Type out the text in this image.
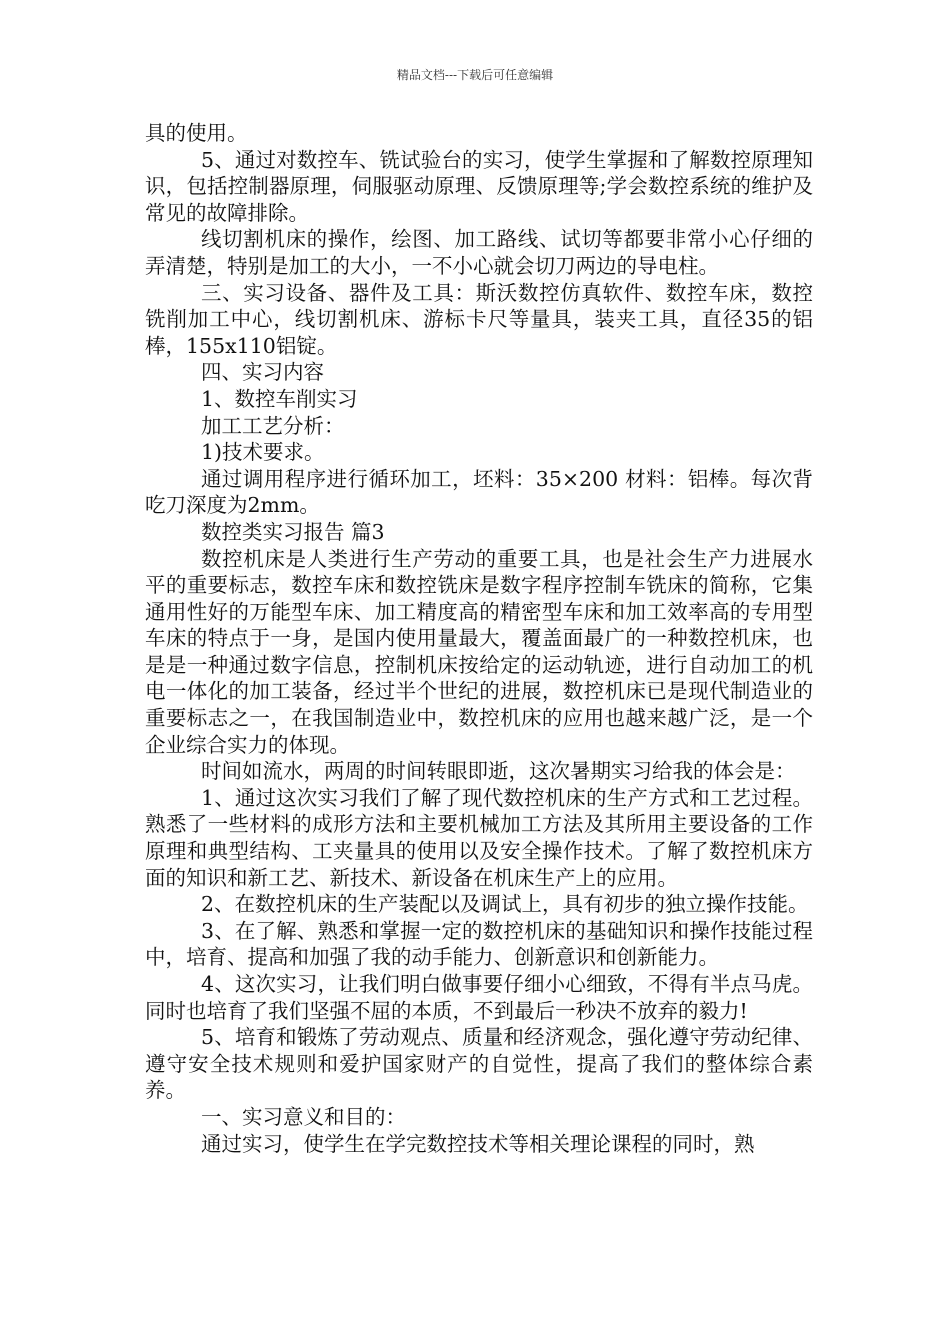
精品文档---下载后可任意编辑

具的使用。

5、通过对数控车、铣试验台的实习，使学生掌握和了解数控原理知识，包括控制器原理，伺服驱动原理、反馈原理等;学会数控系统的维护及常见的故障排除。

线切割机床的操作，绘图、加工路线、试切等都要非常小心仔细的弄清楚，特别是加工的大小，一不小心就会切刀两边的导电柱。

三、实习设备、器件及工具：斯沃数控仿真软件、数控车床，数控铣削加工中心，线切割机床、游标卡尺等量具，装夹工具，直径35的铝棒，155x110铝锭。

四、实习内容

1、数控车削实习

加工工艺分析：

1)技术要求。

通过调用程序进行循环加工，坯料：35×200 材料：铝棒。每次背吃刀深度为2mm。

数控类实习报告 篇3

数控机床是人类进行生产劳动的重要工具，也是社会生产力进展水平的重要标志，数控车床和数控铣床是数字程序控制车铣床的简称，它集通用性好的万能型车床、加工精度高的精密型车床和加工效率高的专用型车床的特点于一身，是国内使用量最大，覆盖面最广的一种数控机床，也是是一种通过数字信息，控制机床按给定的运动轨迹，进行自动加工的机电一体化的加工装备，经过半个世纪的进展，数控机床已是现代制造业的重要标志之一，在我国制造业中，数控机床的应用也越来越广泛，是一个企业综合实力的体现。

时间如流水，两周的时间转眼即逝，这次暑期实习给我的体会是：

1、通过这次实习我们了解了现代数控机床的生产方式和工艺过程。熟悉了一些材料的成形方法和主要机械加工方法及其所用主要设备的工作原理和典型结构、工夹量具的使用以及安全操作技术。了解了数控机床方面的知识和新工艺、新技术、新设备在机床生产上的应用。

2、在数控机床的生产装配以及调试上，具有初步的独立操作技能。

3、在了解、熟悉和掌握一定的数控机床的基础知识和操作技能过程中，培育、提高和加强了我的动手能力、创新意识和创新能力。

4、这次实习，让我们明白做事要仔细小心细致，不得有半点马虎。同时也培育了我们坚强不屈的本质，不到最后一秒决不放弃的毅力!

5、培育和锻炼了劳动观点、质量和经济观念，强化遵守劳动纪律、遵守安全技术规则和爱护国家财产的自觉性，提高了我们的整体综合素养。

一、实习意义和目的：

通过实习，使学生在学完数控技术等相关理论课程的同时，熟
